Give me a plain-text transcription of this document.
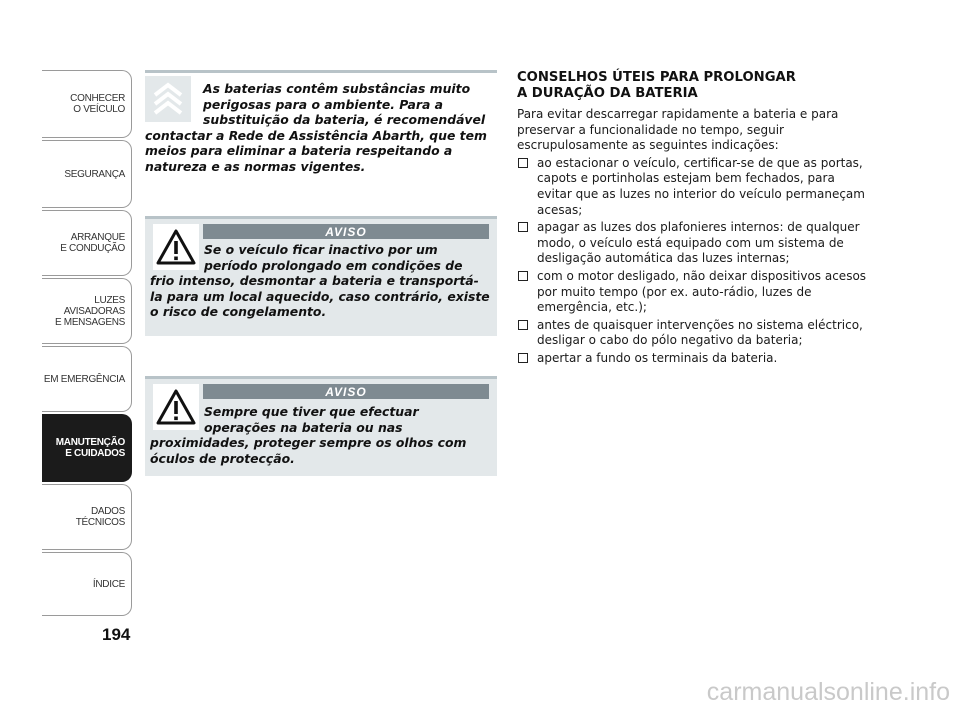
CONHECER
O VEÍCULO
SEGURANÇA
ARRANQUE
E CONDUÇÃO
LUZES
AVISADORAS
E MENSAGENS
EM EMERGÊNCIA
MANUTENÇÃO
E CUIDADOS
DADOS
TÉCNICOS
ÍNDICE
194

As baterias contêm substâncias muito perigosas para o ambiente. Para a substituição da bateria, é recomendável contactar a Rede de Assistência Abarth, que tem meios para eliminar a bateria respeitando a natureza e as normas vigentes.

AVISO

Se o veículo ficar inactivo por um período prolongado em condições de frio intenso, desmontar a bateria e transportá-la para um local aquecido, caso contrário, existe o risco de congelamento.

AVISO

Sempre que tiver que efectuar operações na bateria ou nas proximidades, proteger sempre os olhos com óculos de protecção.

CONSELHOS ÚTEIS PARA PROLONGAR
A DURAÇÃO DA BATERIA

Para evitar descarregar rapidamente a bateria e para preservar a funcionalidade no tempo, seguir escrupulosamente as seguintes indicações:

ao estacionar o veículo, certificar-se de que as portas, capots e portinholas estejam bem fechados, para evitar que as luzes no interior do veículo permaneçam acesas;
apagar as luzes dos plafonieres internos: de qualquer modo, o veículo está equipado com um sistema de desligação automática das luzes internas;
com o motor desligado, não deixar dispositivos acesos por muito tempo (por ex. auto-rádio, luzes de emergência, etc.);
antes de quaisquer intervenções no sistema eléctrico, desligar o cabo do pólo negativo da bateria;
apertar a fundo os terminais da bateria.
carmanualsonline.info
